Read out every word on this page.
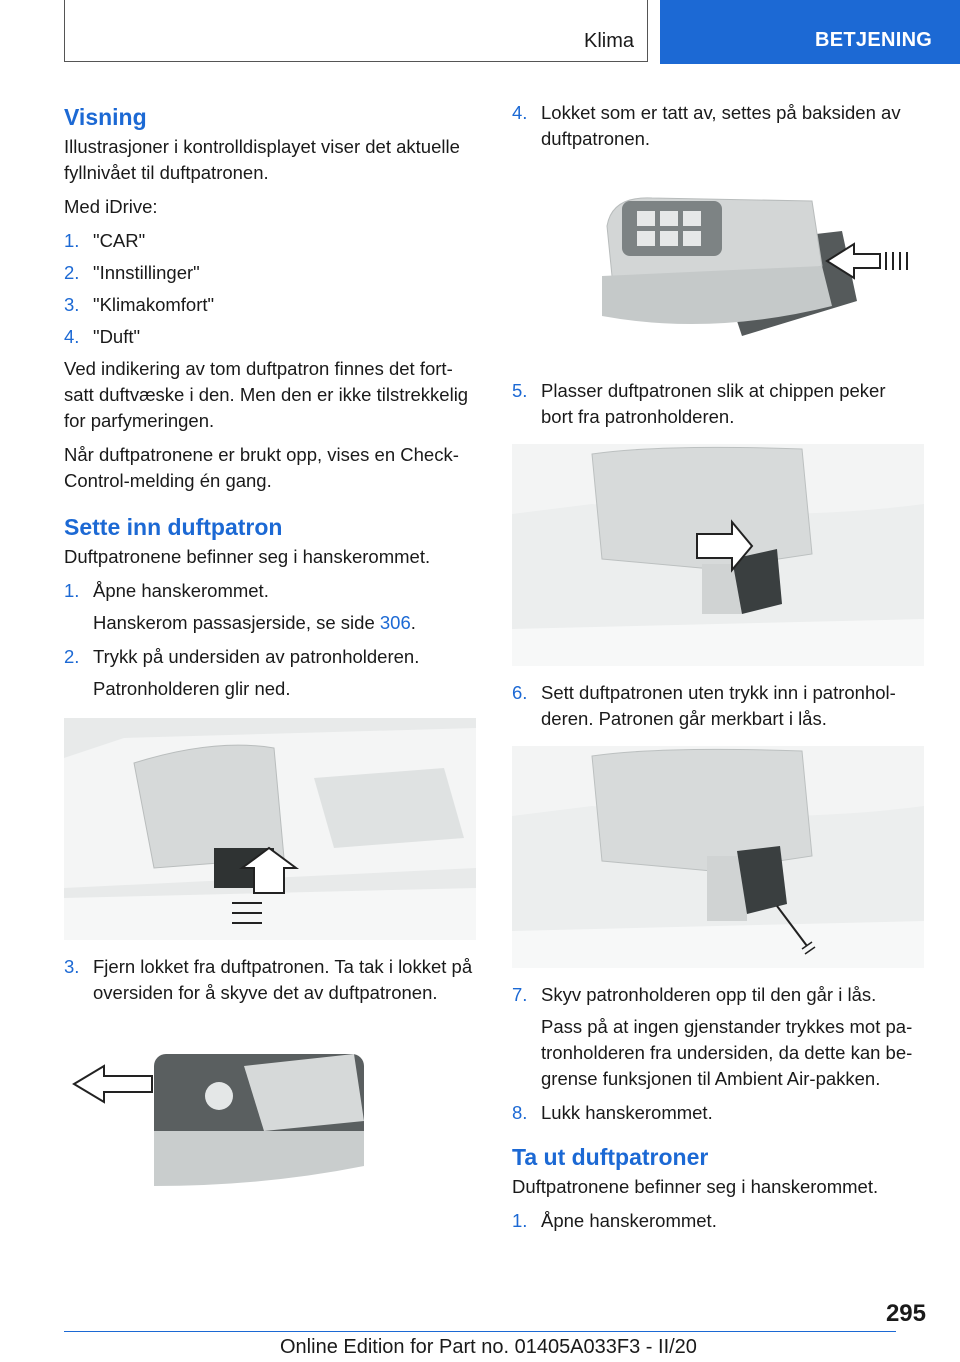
Klima	BETJENING
Visning

Illustrasjoner i kontrolldisplayet viser det aktuelle fyllnivået til duftpatronen.

Med iDrive:

1. "CAR"
2. "Innstillinger"
3. "Klimakomfort"
4. "Duft"

Ved indikering av tom duftpatron finnes det fortsatt duftvæske i den. Men den er ikke tilstrekkelig for parfymeringen.

Når duftpatronene er brukt opp, vises en Check-Control-melding én gang.

Sette inn duftpatron

Duftpatronene befinner seg i hanskerommet.

1. Åpne hanskerommet.

Hanskerom passasjerside, se side 306.

2. Trykk på undersiden av patronholderen.

Patronholderen glir ned.

3. Fjern lokket fra duftpatronen. Ta tak i lokket på oversiden for å skyve det av duftpatronen.
4. Lokket som er tatt av, settes på baksiden av duftpatronen.
5. Plasser duftpatronen slik at chippen peker bort fra patronholderen.
6. Sett duftpatronen uten trykk inn i patronholderen. Patronen går merkbart i lås.
7. Skyv patronholderen opp til den går i lås.

Pass på at ingen gjenstander trykkes mot patronholderen fra undersiden, da dette kan begrense funksjonen til Ambient Air-pakken.

8. Lukk hanskerommet.
Ta ut duftpatroner

Duftpatronene befinner seg i hanskerommet.

1. Åpne hanskerommet.
295
Online Edition for Part no. 01405A033F3 - II/20
